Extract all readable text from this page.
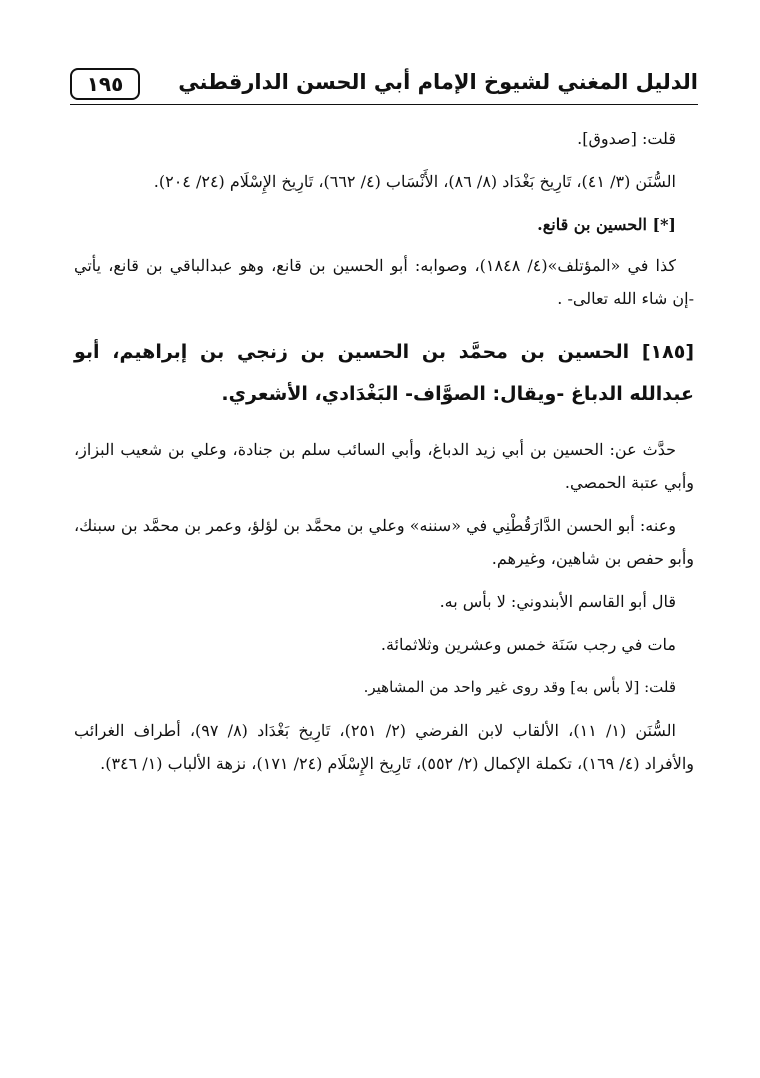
الدليل المغني لشيوخ الإمام أبي الحسن الدارقطني
١٩٥

قلت: [صدوق].

السُّنَن (٣/ ٤١)، تَارِيخ بَغْدَاد (٨/ ٨٦)، الأَنْسَاب (٤/ ٦٦٢)، تَارِيخ الإِسْلَام (٢٤/ ٢٠٤).

[*] الحسين بن قانع.

كذا في «المؤتلف»(٤/ ١٨٤٨)، وصوابه: أبو الحسين بن قانع، وهو عبدالباقي بن قانع، يأتي -إن شاء الله تعالى- .

[١٨٥] الحسين بن محمَّد بن الحسين بن زنجي بن إبراهيم، أبو عبدالله الدباغ -ويقال: الصوَّاف- البَغْدَادي، الأشعري.

حدَّث عن: الحسين بن أبي زيد الدباغ، وأبي السائب سلم بن جنادة، وعلي بن شعيب البزاز، وأبي عتبة الحمصي.

وعنه: أبو الحسن الدَّارَقُطْنِي في «سننه» وعلي بن محمَّد بن لؤلؤ، وعمر بن محمَّد بن سبنك، وأبو حفص بن شاهين، وغيرهم.

قال أبو القاسم الأبندوني: لا بأس به.

مات في رجب سَنَة خمس وعشرين وثلاثمائة.

قلت: [لا بأس به] وقد روى غير واحد من المشاهير.

السُّنَن (١/ ١١)، الألقاب لابن الفرضي (٢/ ٢٥١)، تَارِيخ بَغْدَاد (٨/ ٩٧)، أطراف الغرائب والأفراد (٤/ ١٦٩)، تكملة الإكمال (٢/ ٥٥٢)، تَارِيخ الإِسْلَام (٢٤/ ١٧١)، نزهة الألباب (١/ ٣٤٦).
